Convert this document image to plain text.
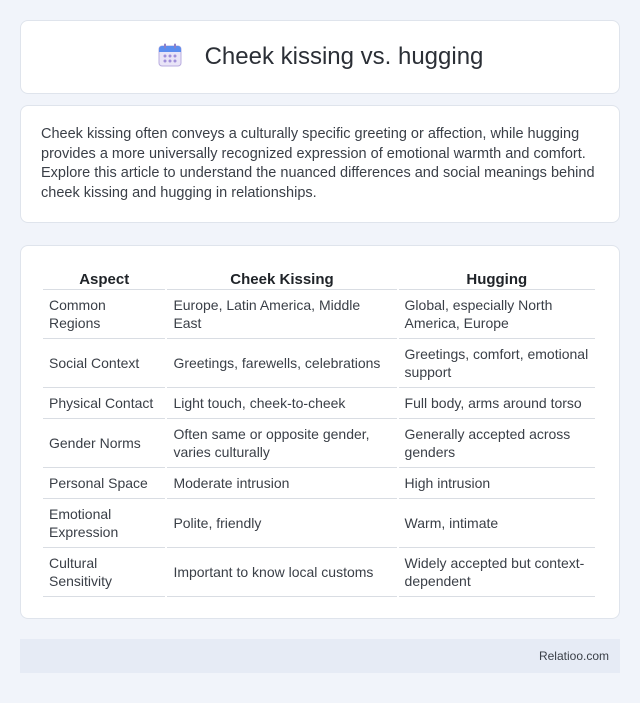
Cheek kissing vs. hugging

Cheek kissing often conveys a culturally specific greeting or affection, while hugging provides a more universally recognized expression of emotional warmth and comfort. Explore this article to understand the nuanced differences and social meanings behind cheek kissing and hugging in relationships.

Aspect	Cheek Kissing	Hugging
Common Regions	Europe, Latin America, Middle East	Global, especially North America, Europe
Social Context	Greetings, farewells, celebrations	Greetings, comfort, emotional support
Physical Contact	Light touch, cheek-to-cheek	Full body, arms around torso
Gender Norms	Often same or opposite gender, varies culturally	Generally accepted across genders
Personal Space	Moderate intrusion	High intrusion
Emotional Expression	Polite, friendly	Warm, intimate
Cultural Sensitivity	Important to know local customs	Widely accepted but context-dependent
Relatioo.com
